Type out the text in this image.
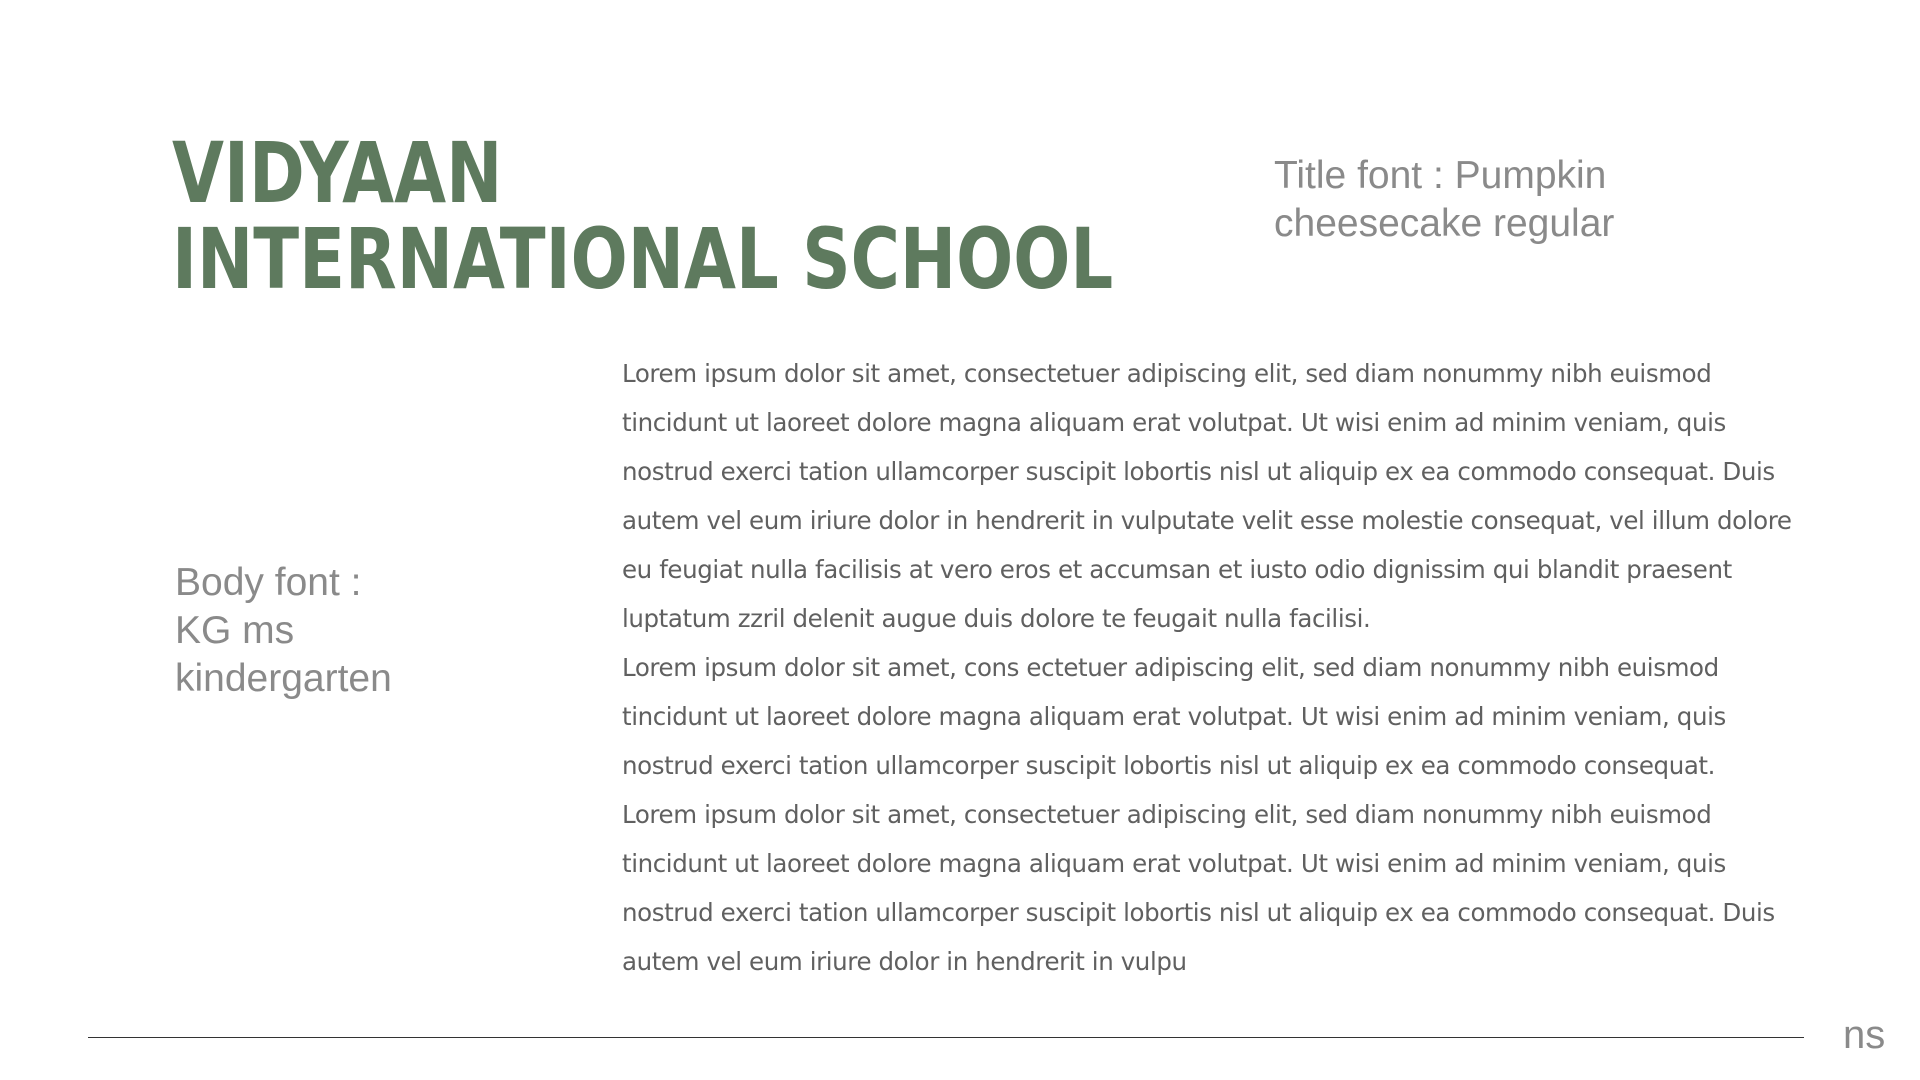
VIDYAAN
INTERNATIONAL SCHOOL
Title font : Pumpkin
cheesecake regular
Body font :
KG ms
kindergarten

Lorem ipsum dolor sit amet, consectetuer adipiscing elit, sed diam nonummy nibh euismod tincidunt ut laoreet dolore magna aliquam erat volutpat. Ut wisi enim ad minim veniam, quis nostrud exerci tation ullamcorper suscipit lobortis nisl ut aliquip ex ea commodo consequat. Duis autem vel eum iriure dolor in hendrerit in vulputate velit esse molestie consequat, vel illum dolore eu feugiat nulla facilisis at vero eros et accumsan et iusto odio dignissim qui blandit praesent luptatum zzril delenit augue duis dolore te feugait nulla facilisi.

Lorem ipsum dolor sit amet, cons ectetuer adipiscing elit, sed diam nonummy nibh euismod tincidunt ut laoreet dolore magna aliquam erat volutpat. Ut wisi enim ad minim veniam, quis nostrud exerci tation ullamcorper suscipit lobortis nisl ut aliquip ex ea commodo consequat.

Lorem ipsum dolor sit amet, consectetuer adipiscing elit, sed diam nonummy nibh euismod tincidunt ut laoreet dolore magna aliquam erat volutpat. Ut wisi enim ad minim veniam, quis nostrud exerci tation ullamcorper suscipit lobortis nisl ut aliquip ex ea commodo consequat. Duis autem vel eum iriure dolor in hendrerit in vulpu

ns
